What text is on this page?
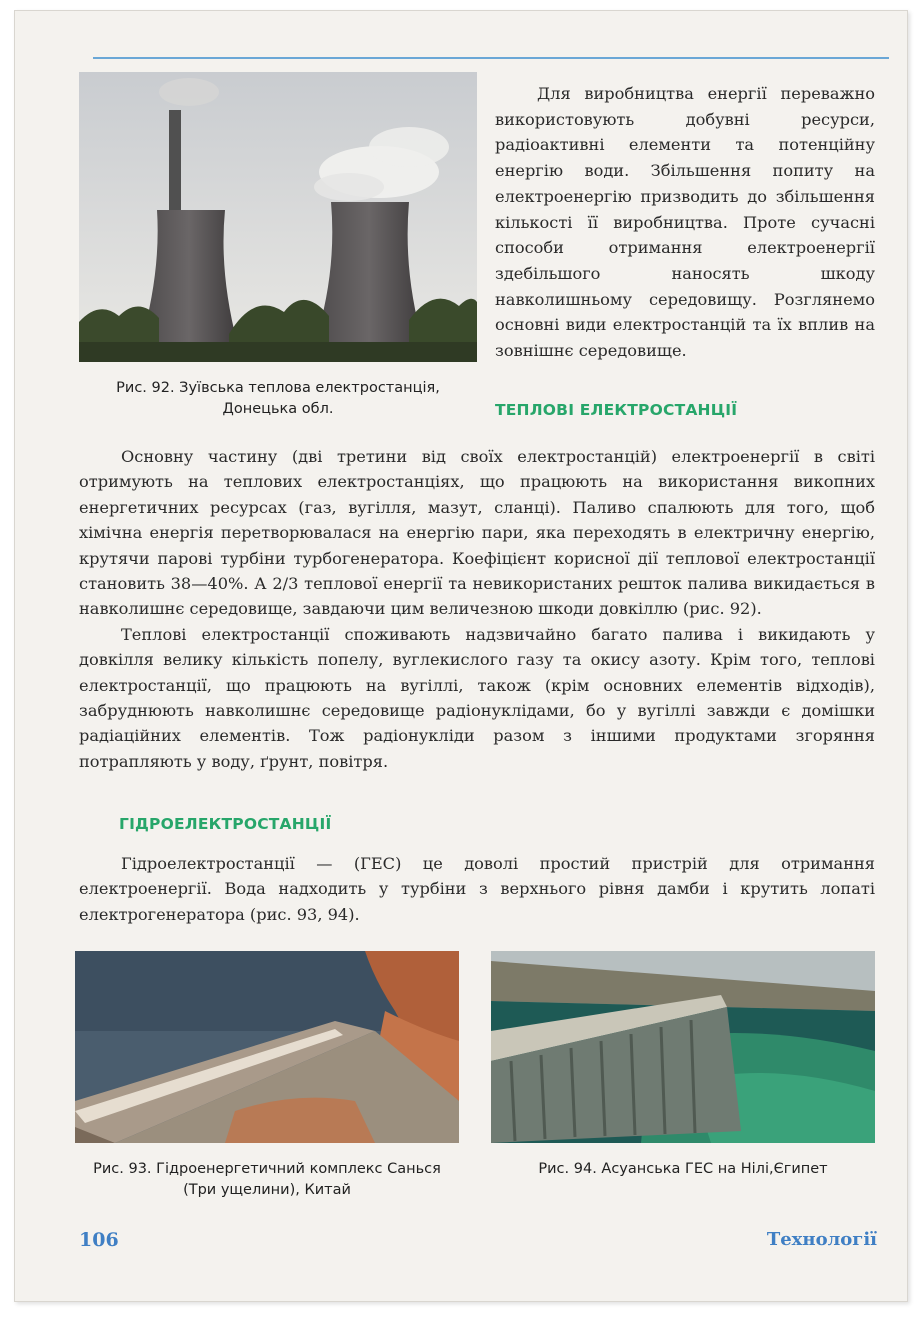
Рис. 92. Зуївська теплова електростанція, Донецька обл.
Для виробництва енергії переважно використовують добувні ресурси, радіоактивні елементи та потенційну енергію води. Збільшення попиту на електроенергію призводить до збільшення кількості її виробництва. Проте сучасні способи отримання електроенергії здебільшого наносять шкоду навколишньому середовищу. Розглянемо основні види електростанцій та їх вплив на зовнішнє середовище.
ТЕПЛОВІ ЕЛЕКТРОСТАНЦІЇ

Основну частину (дві третини від своїх електростанцій) електроенергії в світі отримують на теплових електростанціях, що працюють на використання викопних енергетичних ресурсах (газ, вугілля, мазут, сланці). Паливо спалюють для того, щоб хімічна енергія перетворювалася на енергію пари, яка переходять в електричну енергію, крутячи парові турбіни турбогенератора. Коефіцієнт корисної дії теплової електростанції становить 38—40%. А 2/3 теплової енергії та невикористаних решток палива викидається в навколишнє середовище, завдаючи цим величезною шкоди довкіллю (рис. 92).

Теплові електростанції споживають надзвичайно багато палива і викидають у довкілля велику кількість попелу, вуглекислого газу та окису азоту. Крім того, теплові електростанції, що працюють на вугіллі, також (крім основних елементів відходів), забруднюють навколишнє середовище радіонуклідами, бо у вугіллі завжди є домішки радіаційних елементів. Тож радіонукліди разом з іншими продуктами згоряння потрапляють у воду, ґрунт, повітря.

ГІДРОЕЛЕКТРОСТАНЦІЇ

Гідроелектростанції — (ГЕС) це доволі простий пристрій для отримання електроенергії. Вода надходить у турбіни з верхнього рівня дамби і крутить лопаті електрогенератора (рис. 93, 94).

Рис. 93. Гідроенергетичний комплекс Санься (Три ущелини), Китай
Рис. 94. Асуанська ГЕС на Нілі,Єгипет
106	Технології
